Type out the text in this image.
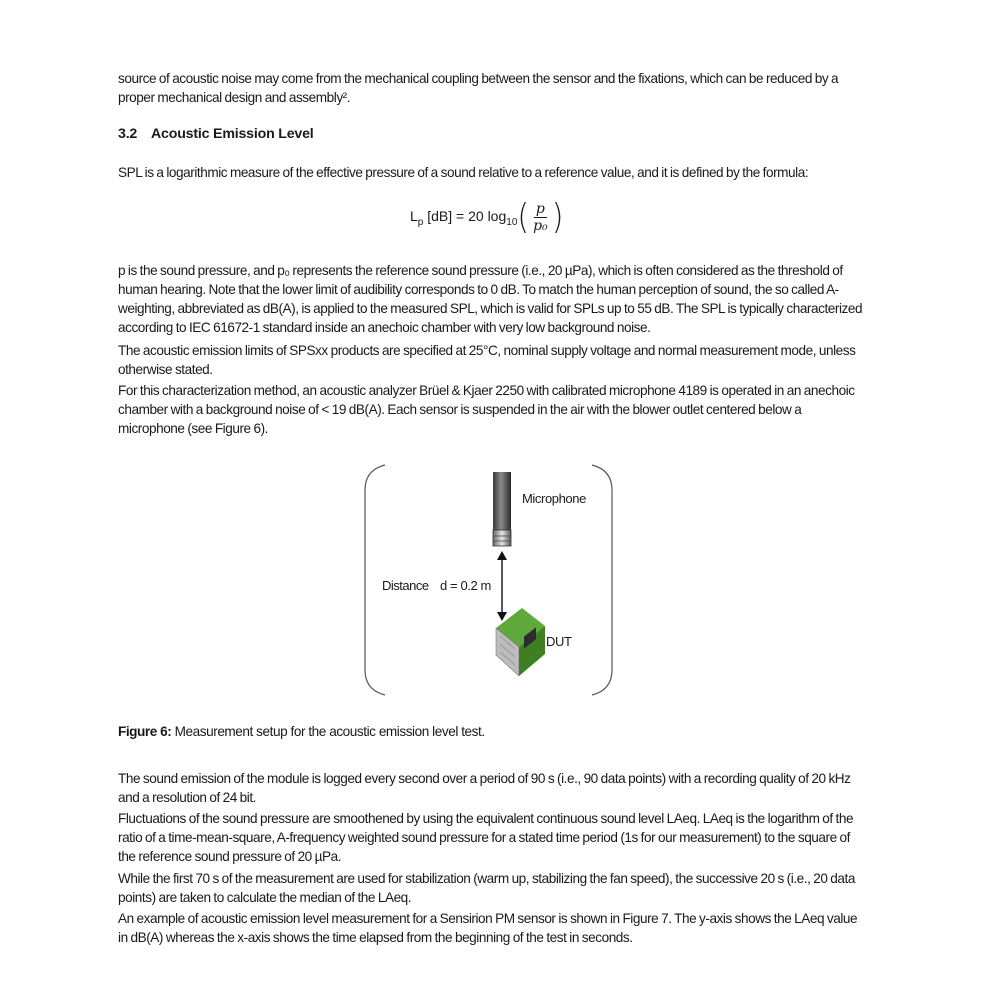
source of acoustic noise may come from the mechanical coupling between the sensor and the fixations, which can be reduced by a proper mechanical design and assembly².
3.2 Acoustic Emission Level
SPL is a logarithmic measure of the effective pressure of a sound relative to a reference value, and it is defined by the formula:
$L_p$ [dB] = 20 $\log_{10}$ ( $\frac{p}{\text{p₀}}$ )
p is the sound pressure, and p₀ represents the reference sound pressure (i.e., 20 µPa), which is often considered as the threshold of human hearing. Note that the lower limit of audibility corresponds to 0 dB. To match the human perception of sound, the so called A-weighting, abbreviated as dB(A), is applied to the measured SPL, which is valid for SPLs up to 55 dB. The SPL is typically characterized according to IEC 61672-1 standard inside an anechoic chamber with very low background noise.
The acoustic emission limits of SPSxx products are specified at 25°C, nominal supply voltage and normal measurement mode, unless otherwise stated.
For this characterization method, an acoustic analyzer Brüel & Kjaer 2250 with calibrated microphone 4189 is operated in an anechoic chamber with a background noise of < 19 dB(A). Each sensor is suspended in the air with the blower outlet centered below a microphone (see Figure 6).
Figure 6: Measurement setup for the acoustic emission level test.
The sound emission of the module is logged every second over a period of 90 s (i.e., 90 data points) with a recording quality of 20 kHz and a resolution of 24 bit.
Fluctuations of the sound pressure are smoothened by using the equivalent continuous sound level LAeq. LAeq is the logarithm of the ratio of a time-mean-square, A-frequency weighted sound pressure for a stated time period (1s for our measurement) to the square of the reference sound pressure of 20 µPa.
While the first 70 s of the measurement are used for stabilization (warm up, stabilizing the fan speed), the successive 20 s (i.e., 20 data points) are taken to calculate the median of the LAeq.
An example of acoustic emission level measurement for a Sensirion PM sensor is shown in Figure 7. The y-axis shows the LAeq value in dB(A) whereas the x-axis shows the time elapsed from the beginning of the test in seconds.
Microphone
Distance d = 0.2 m
DUT
